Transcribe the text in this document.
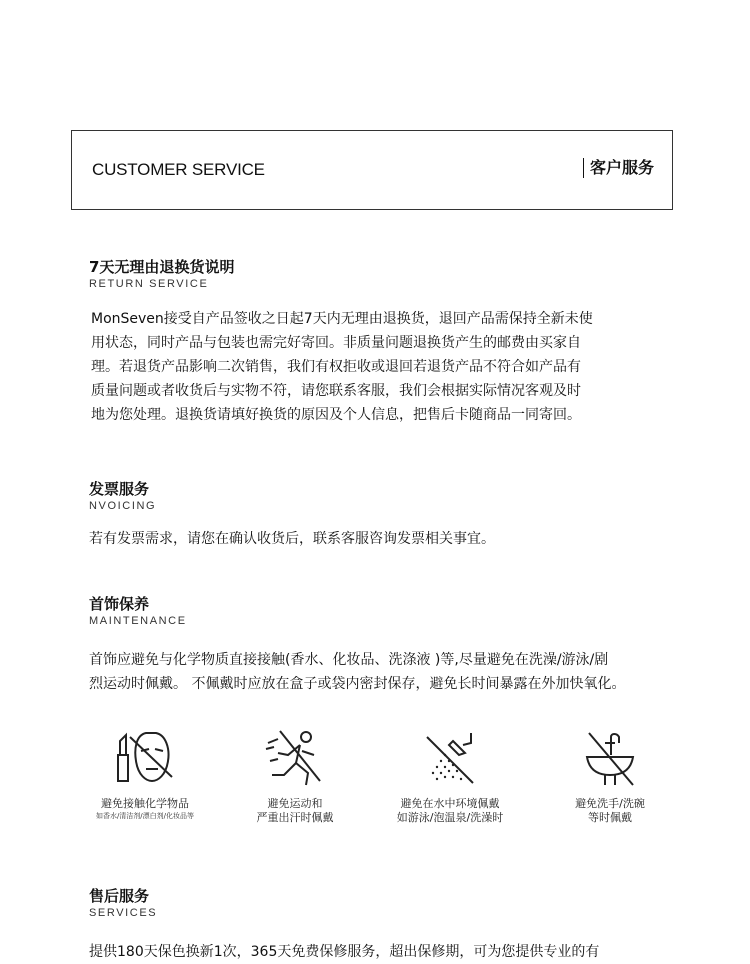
CUSTOMER SERVICE	客户服务
7天无理由退换货说明
RETURN SERVICE
MonSeven接受自产品签收之日起7天内无理由退换货，退回产品需保持全新未使
用状态，同时产品与包装也需完好寄回。非质量问题退换货产生的邮费由买家自
理。若退货产品影响二次销售，我们有权拒收或退回若退货产品不符合如产品有
质量问题或者收货后与实物不符，请您联系客服，我们会根据实际情况客观及时
地为您处理。退换货请填好换货的原因及个人信息，把售后卡随商品一同寄回。
发票服务
NVOICING
若有发票需求，请您在确认收货后，联系客服咨询发票相关事宜。
首饰保养
MAINTENANCE
首饰应避免与化学物质直接接触(香水、化妆品、洗涤液 )等,尽量避免在洗澡/游泳/剧
烈运动时佩戴。 不佩戴时应放在盒子或袋内密封保存，避免长时间暴露在外加快氧化。
避免接触化学物品
如香水/清洁剂/漂白剂/化妆品等
避免运动和
严重出汗时佩戴
避免在水中环境佩戴
如游泳/泡温泉/洗澡时
避免洗手/洗碗
等时佩戴
售后服务
SERVICES
提供180天保色换新1次，365天免费保修服务，超出保修期，可为您提供专业的有
